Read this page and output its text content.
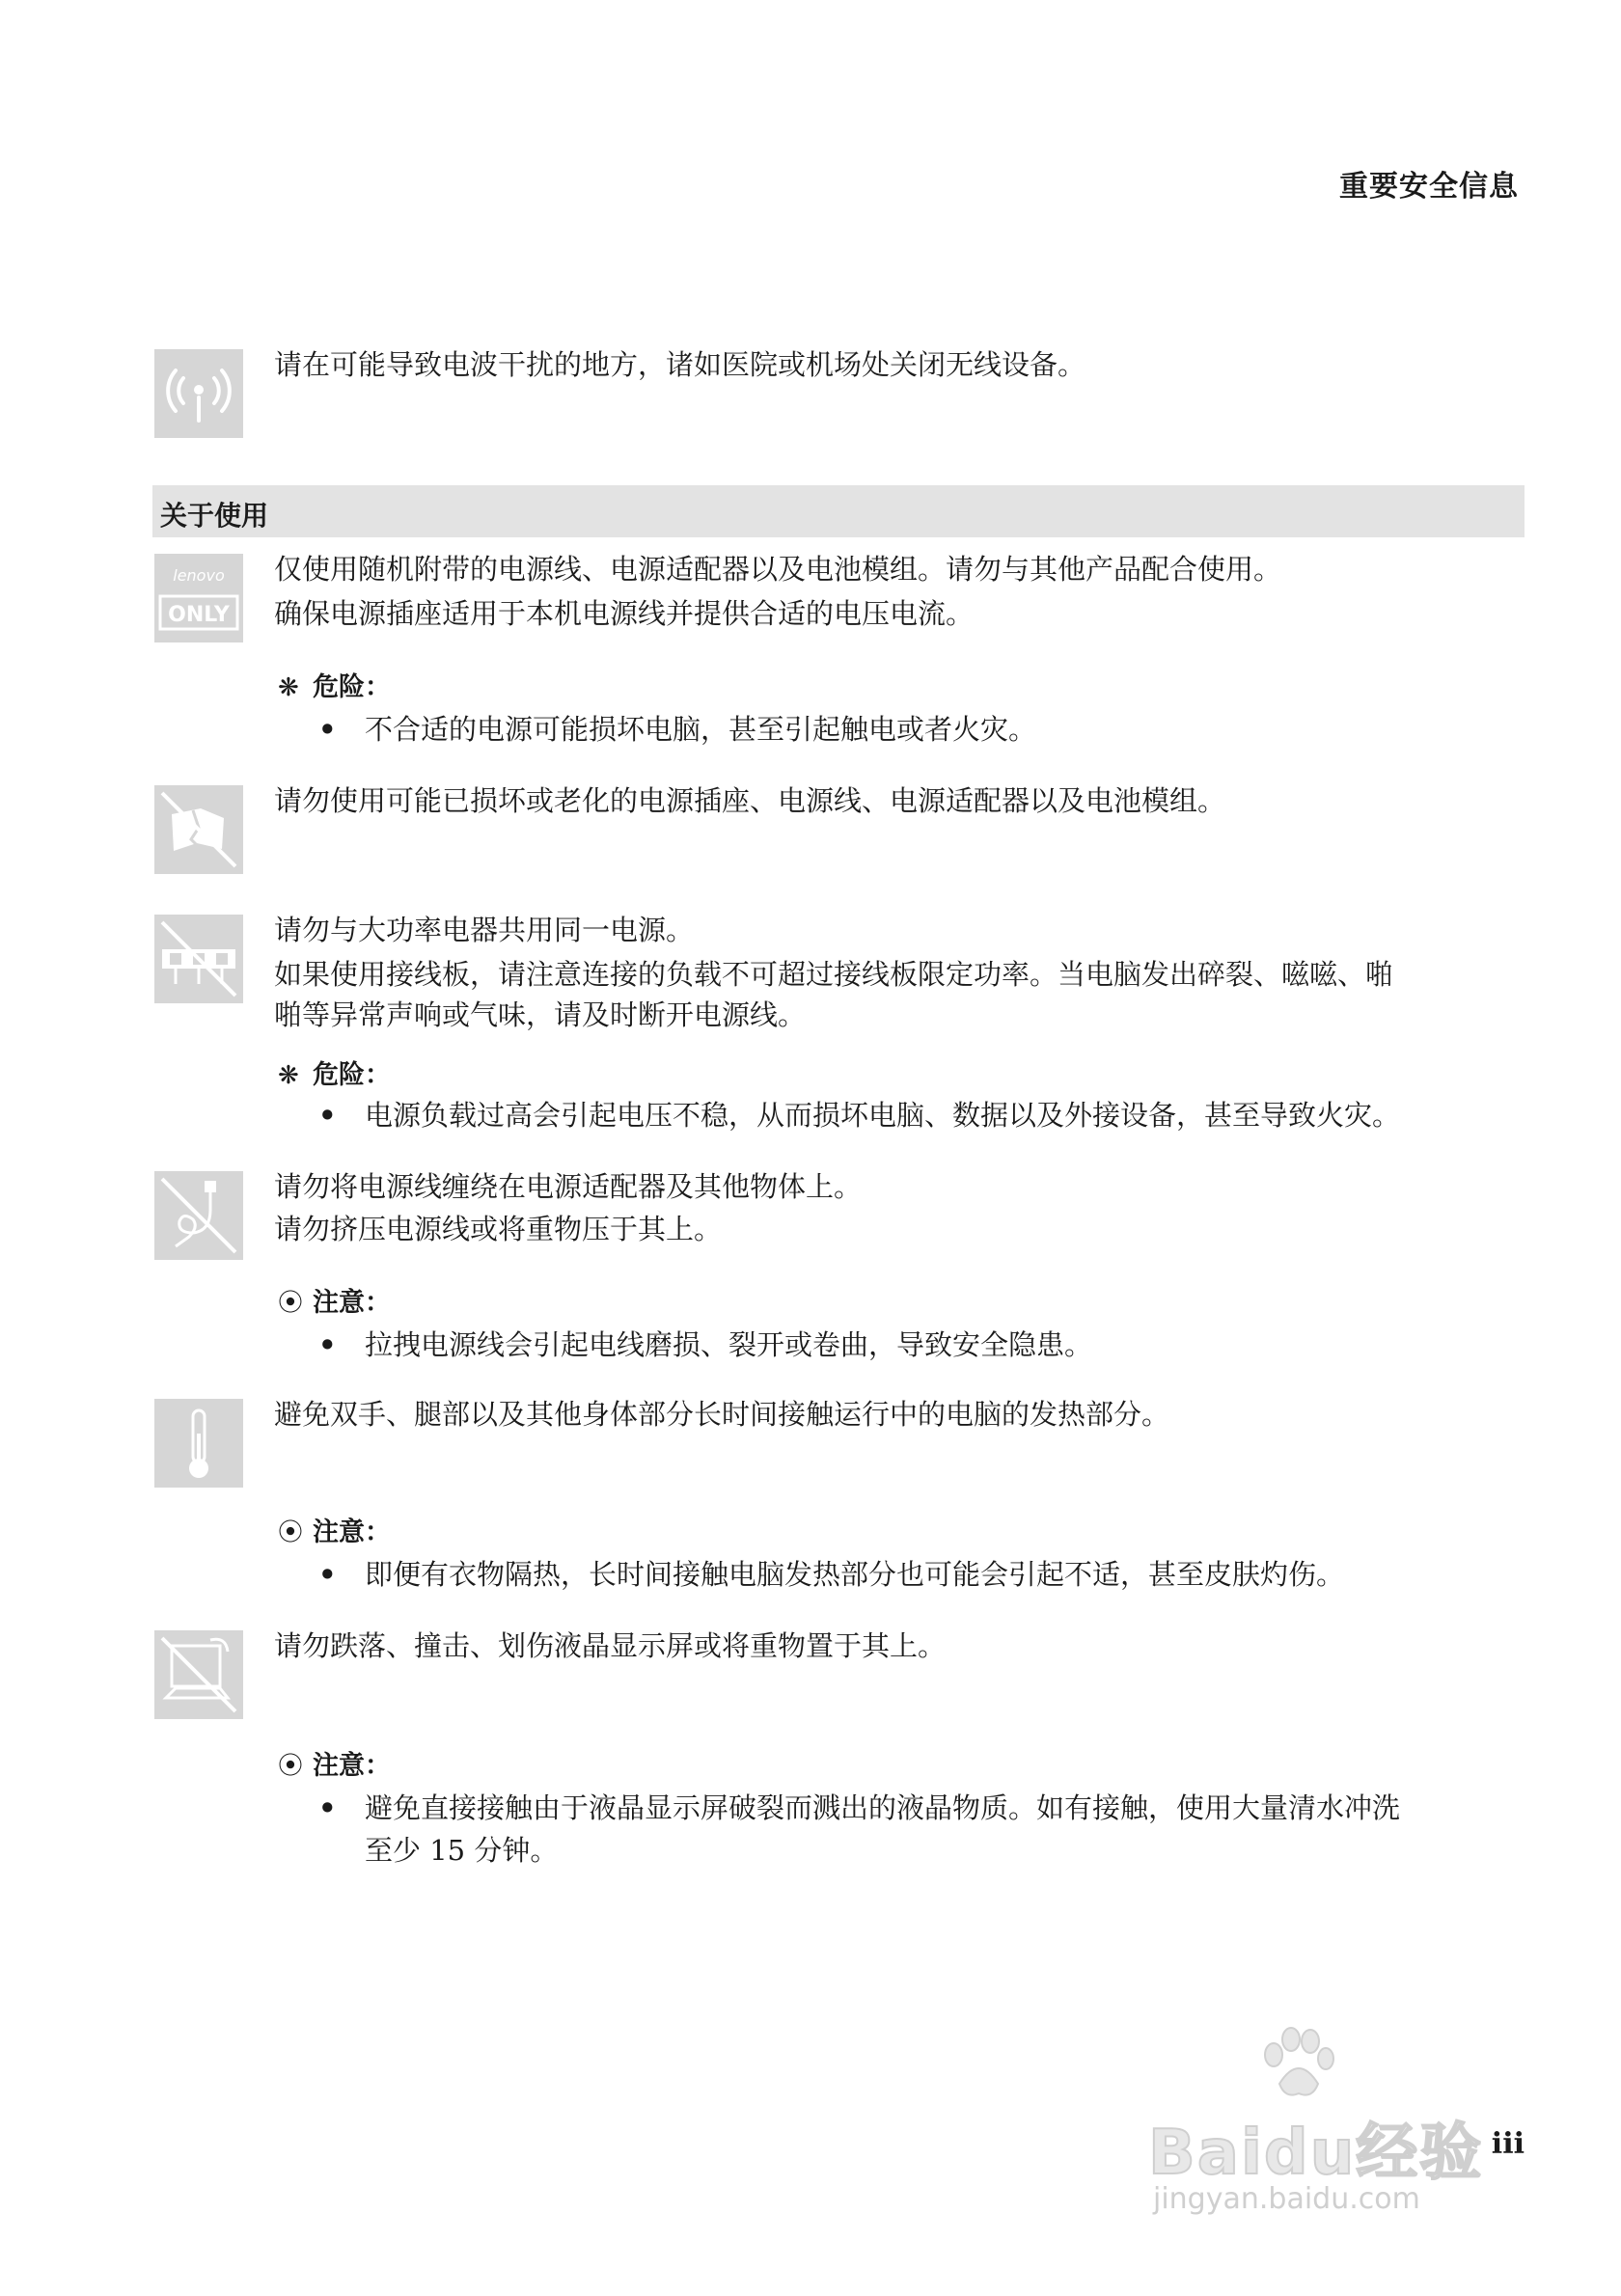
重要安全信息

请在可能导致电波干扰的地方，诸如医院或机场处关闭无线设备。

关于使用
lenovo
ONLY

仅使用随机附带的电源线、电源适配器以及电池模组。请勿与其他产品配合使用。

确保电源插座适用于本机电源线并提供合适的电压电流。

❋ 危险：
•	不合适的电源可能损坏电脑，甚至引起触电或者火灾。

请勿使用可能已损坏或老化的电源插座、电源线、电源适配器以及电池模组。

请勿与大功率电器共用同一电源。

如果使用接线板，请注意连接的负载不可超过接线板限定功率。当电脑发出碎裂、嗞嗞、啪

啪等异常声响或气味，请及时断开电源线。

❋ 危险：
•	电源负载过高会引起电压不稳，从而损坏电脑、数据以及外接设备，甚至导致火灾。

请勿将电源线缠绕在电源适配器及其他物体上。

请勿挤压电源线或将重物压于其上。

⦿ 注意：
•	拉拽电源线会引起电线磨损、裂开或卷曲，导致安全隐患。

避免双手、腿部以及其他身体部分长时间接触运行中的电脑的发热部分。

⦿ 注意：
•	即便有衣物隔热，长时间接触电脑发热部分也可能会引起不适，甚至皮肤灼伤。

请勿跌落、撞击、划伤液晶显示屏或将重物置于其上。

⦿ 注意：
•	避免直接接触由于液晶显示屏破裂而溅出的液晶物质。如有接触，使用大量清水冲洗
至少 15 分钟。
iii
Baidu经验
jingyan.baidu.com
